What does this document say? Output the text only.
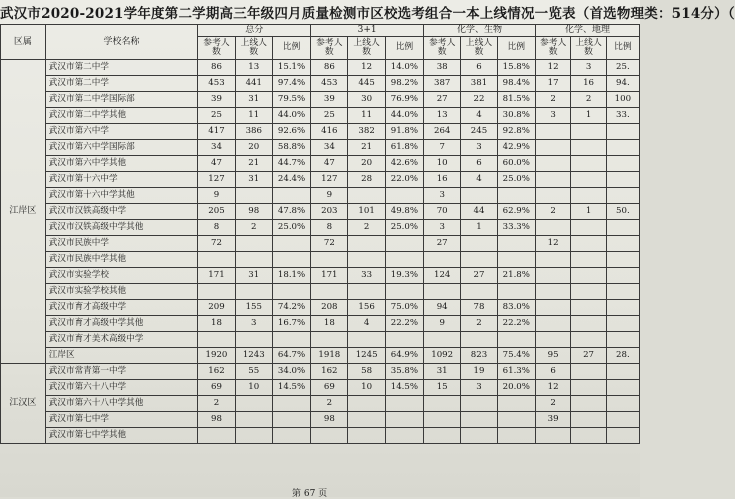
武汉市2020-2021学年度第二学期高三年级四月质量检测市区校选考组合一本上线情况一览表（首选物理类：514分）（
区属	学校名称	总分			3+1			化学、生物			化学、地理		
		参考人数	上线人数	比例	参考人数	上线人数	比例	参考人数	上线人数	比例	参考人数	上线人数	比例
江岸区	武汉市第二中学	86	13	15.1%	86	12	14.0%	38	6	15.8%	12	3	25.
	武汉市第二中学	453	441	97.4%	453	445	98.2%	387	381	98.4%	17	16	94.
	武汉市第二中学国际部	39	31	79.5%	39	30	76.9%	27	22	81.5%	2	2	100
	武汉市第二中学其他	25	11	44.0%	25	11	44.0%	13	4	30.8%	3	1	33.
	武汉市第六中学	417	386	92.6%	416	382	91.8%	264	245	92.8%			
	武汉市第六中学国际部	34	20	58.8%	34	21	61.8%	7	3	42.9%			
	武汉市第六中学其他	47	21	44.7%	47	20	42.6%	10	6	60.0%			
	武汉市第十六中学	127	31	24.4%	127	28	22.0%	16	4	25.0%			
	武汉市第十六中学其他	9			9			3					
	武汉市汉铁高级中学	205	98	47.8%	203	101	49.8%	70	44	62.9%	2	1	50.
	武汉市汉铁高级中学其他	8	2	25.0%	8	2	25.0%	3	1	33.3%			
	武汉市民族中学	72			72			27			12		
	武汉市民族中学其他												
	武汉市实验学校	171	31	18.1%	171	33	19.3%	124	27	21.8%			
	武汉市实验学校其他												
	武汉市育才高级中学	209	155	74.2%	208	156	75.0%	94	78	83.0%			
	武汉市育才高级中学其他	18	3	16.7%	18	4	22.2%	9	2	22.2%			
	武汉市育才美术高级中学												
	江岸区	1920	1243	64.7%	1918	1245	64.9%	1092	823	75.4%	95	27	28.
江汉区	武汉市常青第一中学	162	55	34.0%	162	58	35.8%	31	19	61.3%	6		
	武汉市第六十八中学	69	10	14.5%	69	10	14.5%	15	3	20.0%	12		
	武汉市第六十八中学其他	2			2						2		
	武汉市第七中学	98			98						39		
	武汉市第七中学其他												
第 67 页
